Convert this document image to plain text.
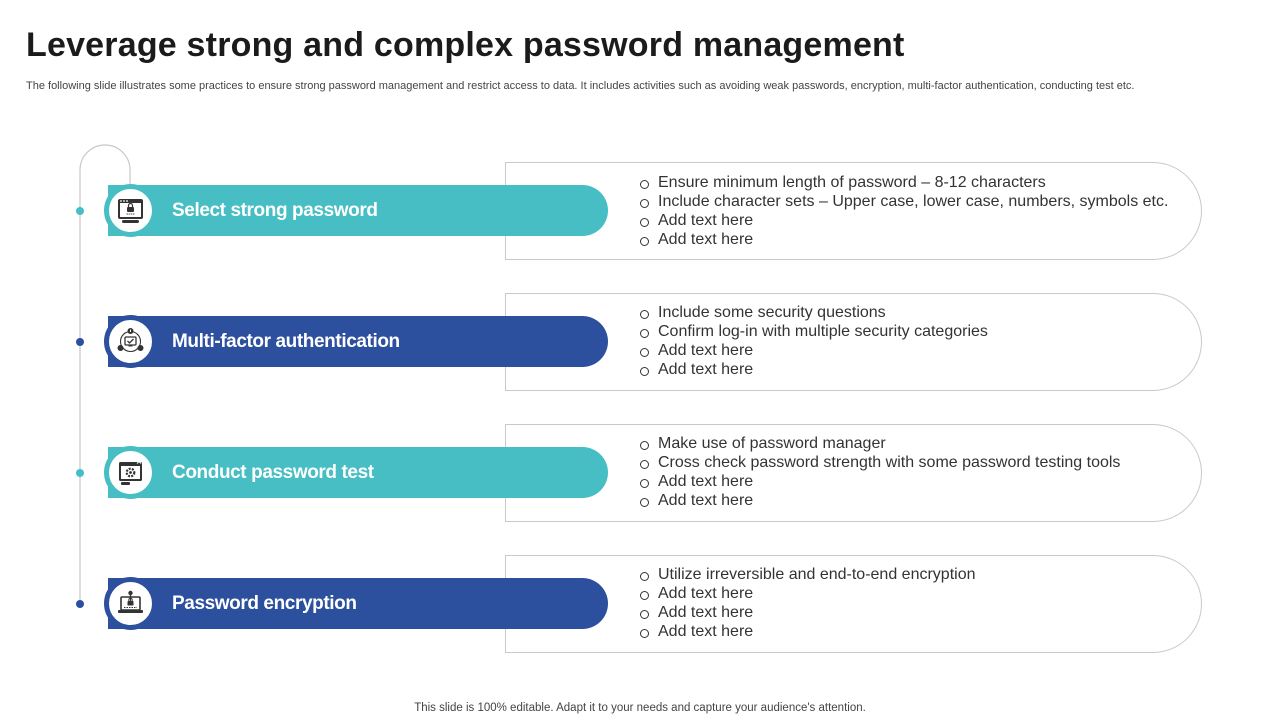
Leverage strong and complex password management
The following slide illustrates some practices to ensure strong password management and restrict access to data. It includes activities such as avoiding weak passwords, encryption, multi-factor authentication, conducting test etc.
Ensure minimum length of password – 8-12 characters
Include character sets – Upper case, lower case, numbers, symbols etc.
Add text here
Add text here
Select strong password
****
Include some security questions
Confirm log-in with multiple security categories
Add text here
Add text here
Multi-factor authentication
Make use of password manager
Cross check password strength with some password testing tools
Add text here
Add text here
Conduct password test
Utilize irreversible and end-to-end encryption
Add text here
Add text here
Add text here
Password encryption
This slide is 100% editable. Adapt it to your needs and capture your audience's attention.
